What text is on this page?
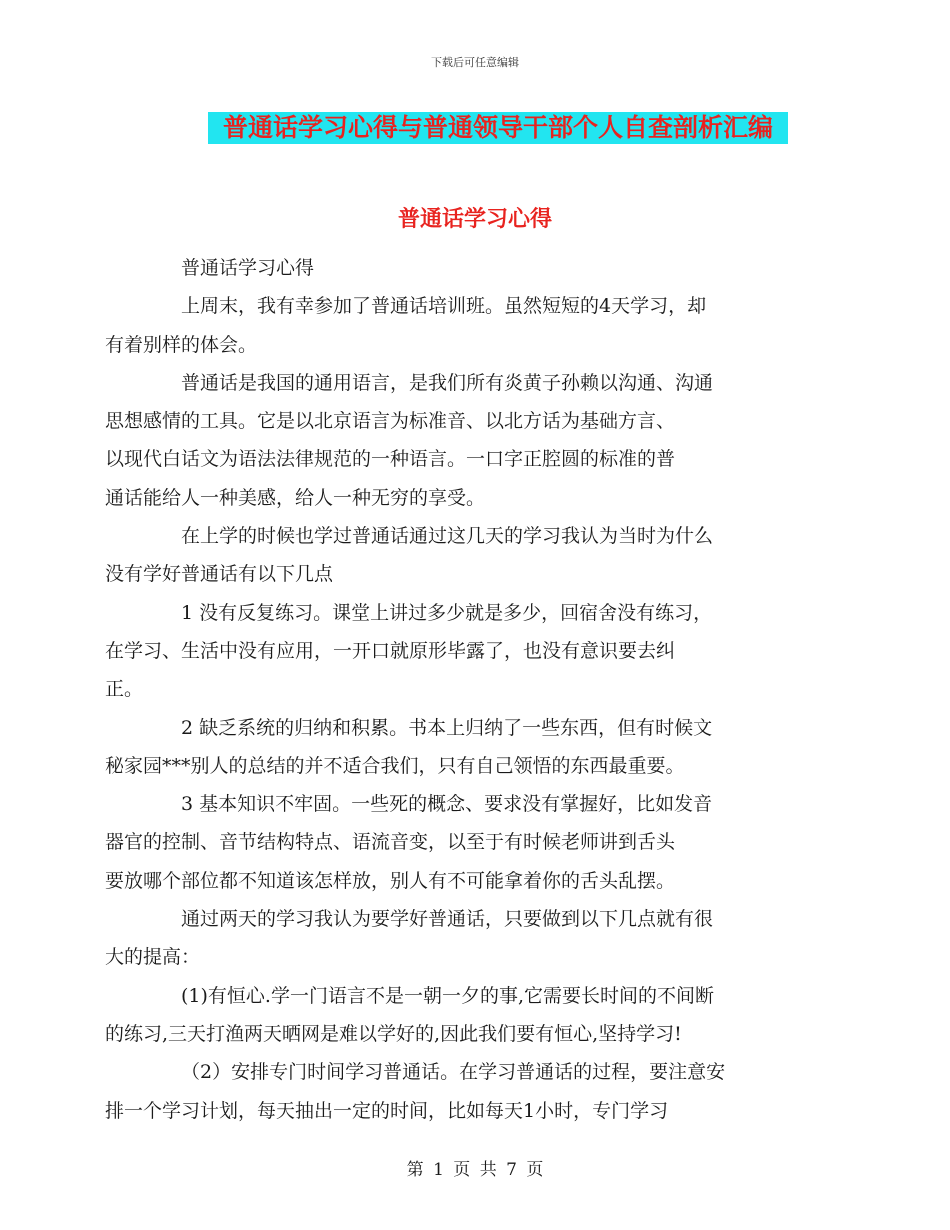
下载后可任意编辑
普通话学习心得与普通领导干部个人自查剖析汇编
普通话学习心得

普通话学习心得

上周末，我有幸参加了普通话培训班。虽然短短的4天学习，却
有着别样的体会。

普通话是我国的通用语言，是我们所有炎黄子孙赖以沟通、沟通
思想感情的工具。它是以北京语言为标准音、以北方话为基础方言、
以现代白话文为语法法律规范的一种语言。一口字正腔圆的标准的普
通话能给人一种美感，给人一种无穷的享受。

在上学的时候也学过普通话通过这几天的学习我认为当时为什么
没有学好普通话有以下几点

1 没有反复练习。课堂上讲过多少就是多少，回宿舍没有练习，
在学习、生活中没有应用，一开口就原形毕露了，也没有意识要去纠
正。

2 缺乏系统的归纳和积累。书本上归纳了一些东西，但有时候文
秘家园***别人的总结的并不适合我们，只有自己领悟的东西最重要。

3 基本知识不牢固。一些死的概念、要求没有掌握好，比如发音
器官的控制、音节结构特点、语流音变，以至于有时候老师讲到舌头
要放哪个部位都不知道该怎样放，别人有不可能拿着你的舌头乱摆。

通过两天的学习我认为要学好普通话，只要做到以下几点就有很
大的提高：

(1)有恒心.学一门语言不是一朝一夕的事,它需要长时间的不间断
的练习,三天打渔两天晒网是难以学好的,因此我们要有恒心,坚持学习!

（2）安排专门时间学习普通话。在学习普通话的过程，要注意安
排一个学习计划，每天抽出一定的时间，比如每天1小时，专门学习

第 1 页 共 7 页
